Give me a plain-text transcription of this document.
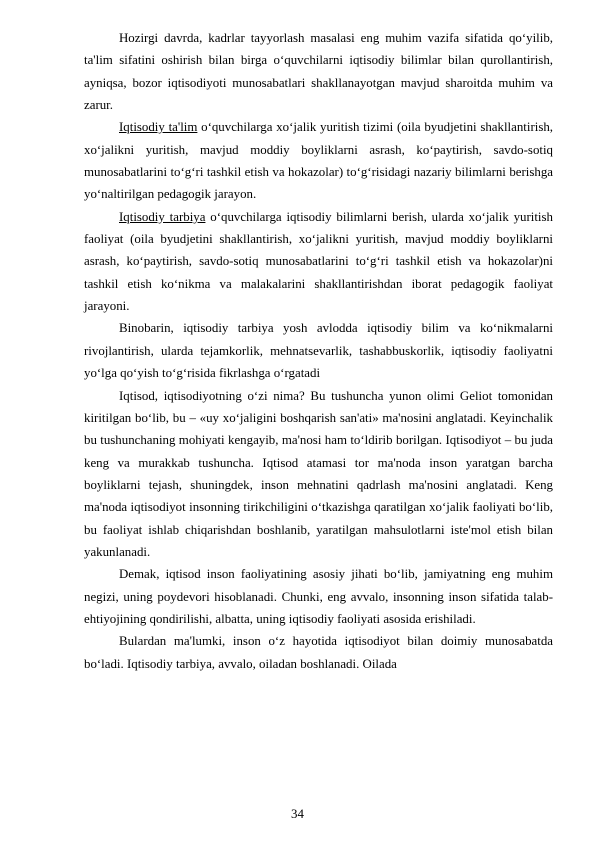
Hozirgi davrda, kadrlar tayyorlash masalasi eng muhim vazifa sifatida qo‘yilib, ta'lim sifatini oshirish bilan birga o‘quvchilarni iqtisodiy bilimlar bilan qurollantirish, ayniqsa, bozor iqtisodiyoti munosabatlari shakllanayotgan mavjud sharoitda muhim va zarur.

Iqtisodiy ta'lim o‘quvchilarga xo‘jalik yuritish tizimi (oila byudjetini shakllantirish, xo‘jalikni yuritish, mavjud moddiy boyliklarni asrash, ko‘paytirish, savdo-sotiq munosabatlarini to‘g‘ri tashkil etish va hokazolar) to‘g‘risidagi nazariy bilimlarni berishga yo‘naltirilgan pedagogik jarayon.

Iqtisodiy tarbiya o‘quvchilarga iqtisodiy bilimlarni berish, ularda xo‘jalik yuritish faoliyat (oila byudjetini shakllantirish, xo‘jalikni yuritish, mavjud moddiy boyliklarni asrash, ko‘paytirish, savdo-sotiq munosabatlarini to‘g‘ri tashkil etish va hokazolar)ni tashkil etish ko‘nikma va malakalarini shakllantirishdan iborat pedagogik faoliyat jarayoni.

Binobarin, iqtisodiy tarbiya yosh avlodda iqtisodiy bilim va ko‘nikmalarni rivojlantirish, ularda tejamkorlik, mehnatsevarlik, tashabbuskorlik, iqtisodiy faoliyatni yo‘lga qo‘yish to‘g‘risida fikrlashga o‘rgatadi

Iqtisod, iqtisodiyotning o‘zi nima? Bu tushuncha yunon olimi Geliot tomonidan kiritilgan bo‘lib, bu – «uy xo‘jaligini boshqarish san'ati» ma'nosini anglatadi. Keyinchalik bu tushunchaning mohiyati kengayib, ma'nosi ham to‘ldirib borilgan. Iqtisodiyot – bu juda keng va murakkab tushuncha. Iqtisod atamasi tor ma'noda inson yaratgan barcha boyliklarni tejash, shuningdek, inson mehnatini qadrlash ma'nosini anglatadi. Keng ma'noda iqtisodiyot insonning tirikchiligini o‘tkazishga qaratilgan xo‘jalik faoliyati bo‘lib, bu faoliyat ishlab chiqarishdan boshlanib, yaratilgan mahsulotlarni iste'mol etish bilan yakunlanadi.

Demak, iqtisod inson faoliyatining asosiy jihati bo‘lib, jamiyatning eng muhim negizi, uning poydevori hisoblanadi. Chunki, eng avvalo, insonning inson sifatida talab-ehtiyojining qondirilishi, albatta, uning iqtisodiy faoliyati asosida erishiladi.

Bulardan ma'lumki, inson o‘z hayotida iqtisodiyot bilan doimiy munosabatda bo‘ladi. Iqtisodiy tarbiya, avvalo, oiladan boshlanadi. Oilada

34
